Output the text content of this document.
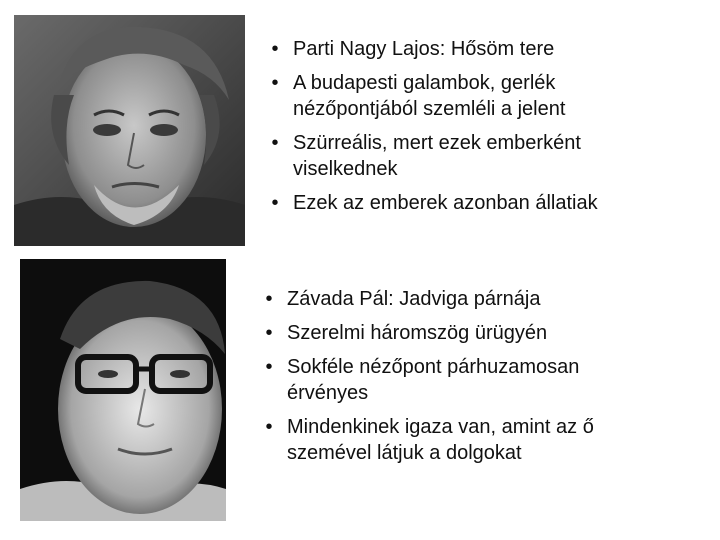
• Parti Nagy Lajos: Hősöm tere
• A budapesti galambok, gerlék nézőpontjából szemléli a jelent
• Szürreális, mert ezek emberként viselkednek
• Ezek az emberek azonban állatiak
• Závada Pál: Jadviga párnája
• Szerelmi háromszög ürügyén
• Sokféle nézőpont párhuzamosan érvényes
• Mindenkinek igaza van, amint az ő szemével látjuk a dolgokat
